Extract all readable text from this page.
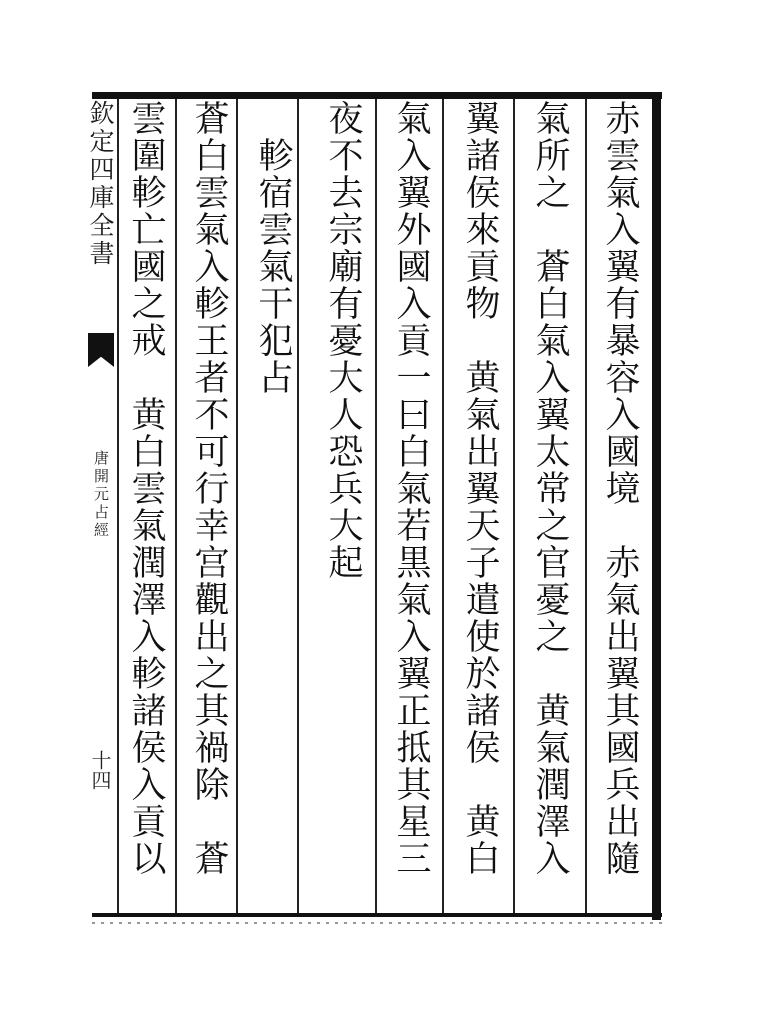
欽定四庫全書
唐開元占經
十四	赤雲氣入翼有暴容入國境　赤氣出翼其國兵出隨
氣所之　蒼白氣入翼太常之官憂之　黄氣潤澤入
翼諸侯來貢物　黄氣出翼天子遣使於諸侯　黄白
氣入翼外國入貢一曰白氣若黒氣入翼正抵其星三
夜不去宗廟有憂大人恐兵大起
　軫宿雲氣干犯占
蒼白雲氣入軫王者不可行幸宫觀出之其禍除　蒼
雲圍軫亡國之戒　黄白雲氣潤澤入軫諸侯入貢以
